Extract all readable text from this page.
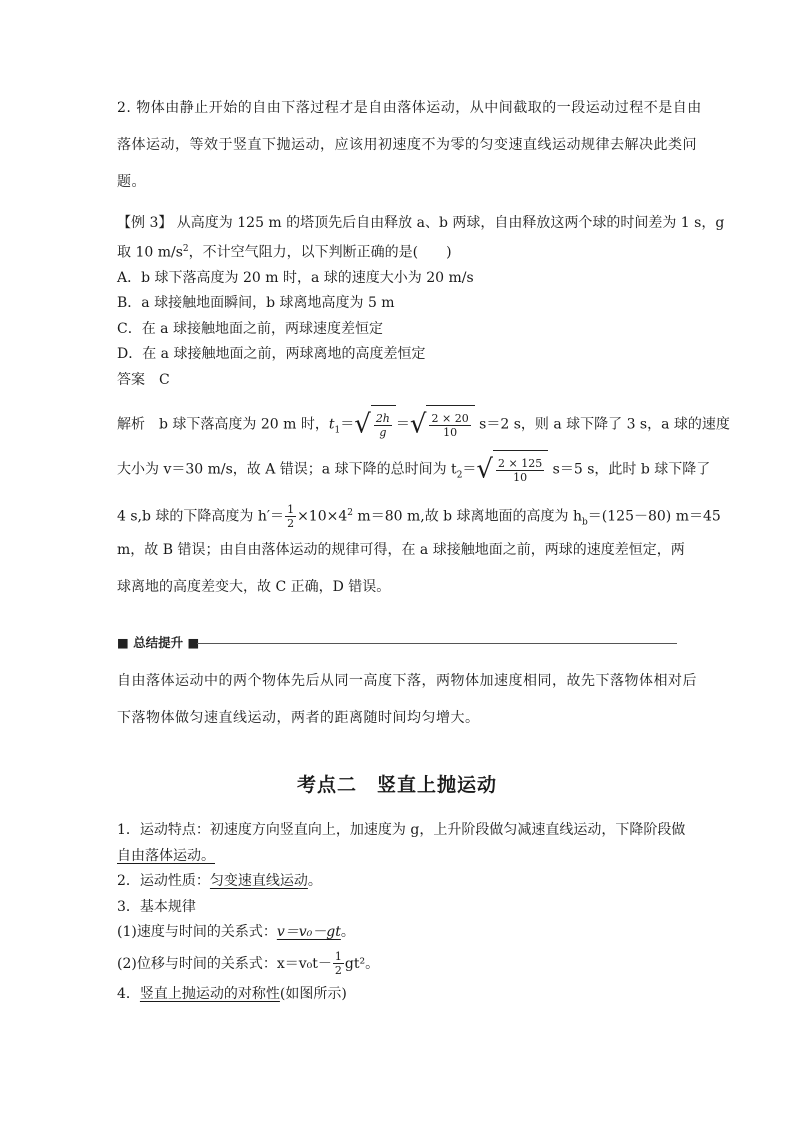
2. 物体由静止开始的自由下落过程才是自由落体运动，从中间截取的一段运动过程不是自由
落体运动，等效于竖直下抛运动，应该用初速度不为零的匀变速直线运动规律去解决此类问
题。
【例 3】 从高度为 125 m 的塔顶先后自由释放 a、b 两球，自由释放这两个球的时间差为 1 s，g
取 10 $m/s^2$，不计空气阻力，以下判断正确的是(　　)
A．b 球下落高度为 20 m 时，a 球的速度大小为 20 m/s
B．a 球接触地面瞬间，b 球离地高度为 5 m
C．在 a 球接触地面之前，两球速度差恒定
D．在 a 球接触地面之前，两球离地的高度差恒定
答案　C
解析　b 球下落高度为 20 m 时，$t_1=√ \frac{2h}{g}$ ＝√ $\frac{2 \times 20}{10} s=2$ s，则 a 球下降了 3 s，a 球的速度
大小为 v＝30 m/s，故 A 错误；a 球下降的总时间为 $t_2=√ \frac{2 \times 125}{10} s=5$ s，此时 b 球下降了
4 s,b 球的下降高度为 $h'= \frac{1}{2} \times 10\times 4^2$ m＝80 m,故 b 球离地面的高度为 $h_b=(125-80)$ m＝45
m，故 B 错误；由自由落体运动的规律可得，在 a 球接触地面之前，两球的速度差恒定，两
球离地的高度差变大，故 C 正确，D 错误。
■ 总结提升 ■
自由落体运动中的两个物体先后从同一高度下落，两物体加速度相同，故先下落物体相对后
下落物体做匀速直线运动，两者的距离随时间均匀增大。
考点二　竖直上抛运动
1．运动特点：初速度方向竖直向上，加速度为 g，上升阶段做匀减速直线运动，下降阶段做
自由落体运动。
2．运动性质：匀变速直线运动。
3．基本规律
(1)速度与时间的关系式：v＝v₀－gt。
(2)位移与时间的关系式：$x=v_0t- \frac{1}{2} gt^2$。
4．竖直上抛运动的对称性(如图所示)
